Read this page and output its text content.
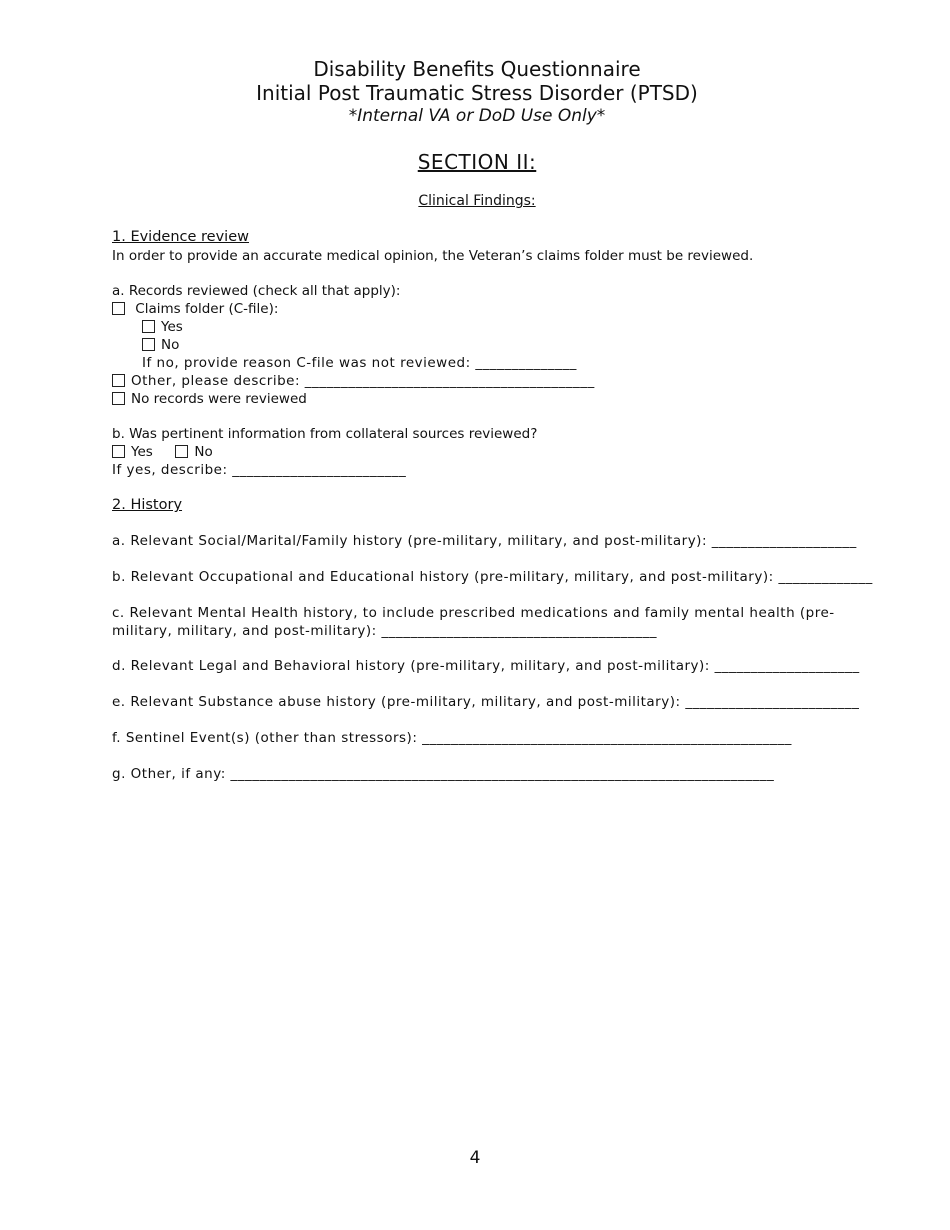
Disability Benefits Questionnaire
Initial Post Traumatic Stress Disorder (PTSD)
*Internal VA or DoD Use Only*
SECTION II:
Clinical Findings:
1. Evidence review
In order to provide an accurate medical opinion, the Veteran’s claims folder must be reviewed.
a. Records reviewed (check all that apply):
Claims folder (C-file):
Yes
No
If no, provide reason C-file was not reviewed: ______________
Other, please describe: ________________________________________
No records were reviewed
b. Was pertinent information from collateral sources reviewed?
Yes	No
If yes, describe: ________________________
2. History
a. Relevant Social/Marital/Family history (pre-military, military, and post-military): ____________________
b. Relevant Occupational and Educational history (pre-military, military, and post-military): _____________
c. Relevant Mental Health history, to include prescribed medications and family mental health (pre-military, military, and post-military): ______________________________________
d. Relevant Legal and Behavioral history (pre-military, military, and post-military): ____________________
e. Relevant Substance abuse history (pre-military, military, and post-military): ________________________
f. Sentinel Event(s) (other than stressors): ___________________________________________________
g. Other, if any: ___________________________________________________________________________
4
